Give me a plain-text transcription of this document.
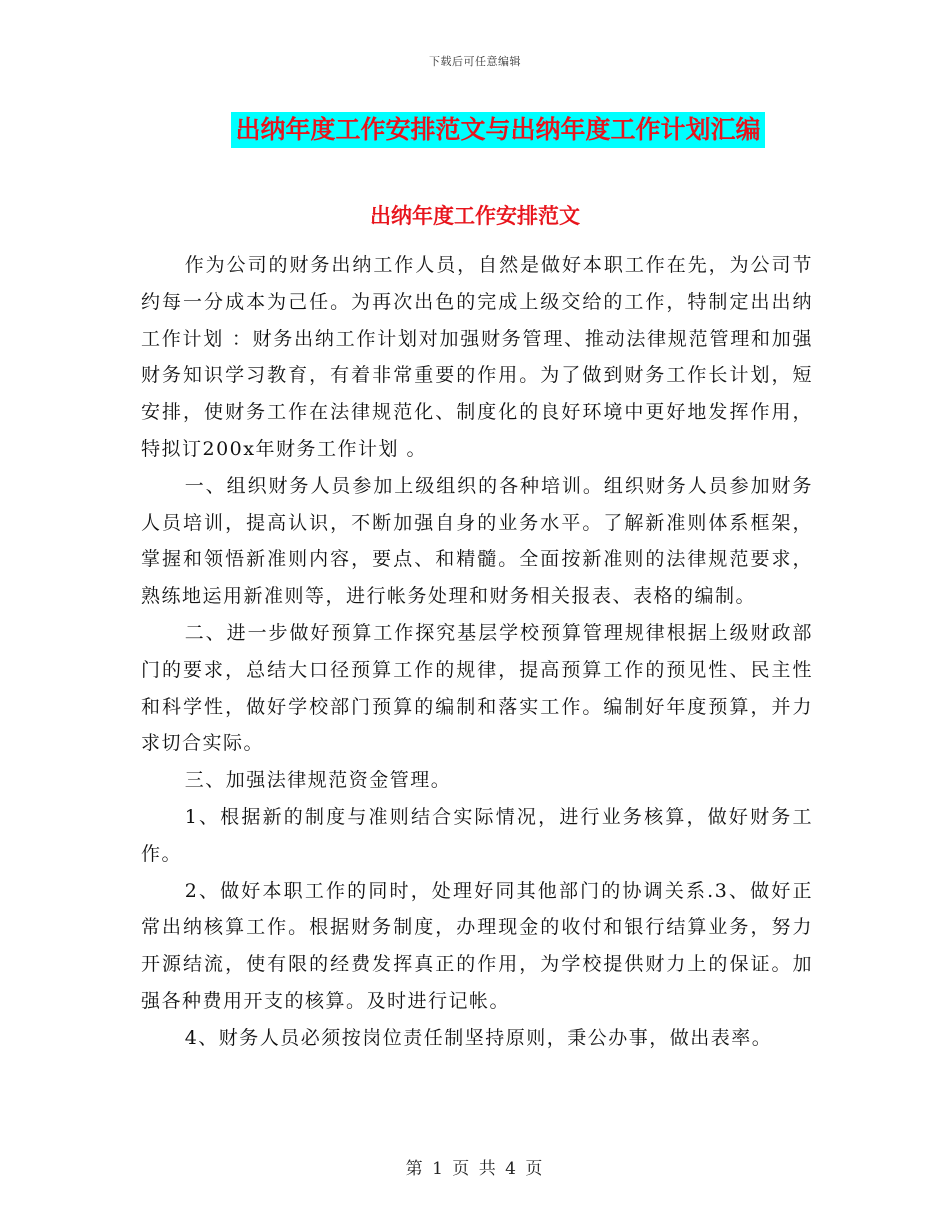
下载后可任意编辑
出纳年度工作安排范文与出纳年度工作计划汇编
出纳年度工作安排范文

作为公司的财务出纳工作人员，自然是做好本职工作在先，为公司节约每一分成本为己任。为再次出色的完成上级交给的工作，特制定出出纳工作计划 ：财务出纳工作计划对加强财务管理、推动法律规范管理和加强财务知识学习教育，有着非常重要的作用。为了做到财务工作长计划，短安排，使财务工作在法律规范化、制度化的良好环境中更好地发挥作用，特拟订200x年财务工作计划 。

一、组织财务人员参加上级组织的各种培训。组织财务人员参加财务人员培训，提高认识，不断加强自身的业务水平。了解新准则体系框架，掌握和领悟新准则内容，要点、和精髓。全面按新准则的法律规范要求，熟练地运用新准则等，进行帐务处理和财务相关报表、表格的编制。

二、进一步做好预算工作探究基层学校预算管理规律根据上级财政部门的要求，总结大口径预算工作的规律，提高预算工作的预见性、民主性和科学性，做好学校部门预算的编制和落实工作。编制好年度预算，并力求切合实际。

三、加强法律规范资金管理。

1、根据新的制度与准则结合实际情况，进行业务核算，做好财务工作。

2、做好本职工作的同时，处理好同其他部门的协调关系.3、做好正常出纳核算工作。根据财务制度，办理现金的收付和银行结算业务，努力开源结流，使有限的经费发挥真正的作用，为学校提供财力上的保证。加强各种费用开支的核算。及时进行记帐。

4、财务人员必须按岗位责任制坚持原则，秉公办事，做出表率。

第 1 页 共 4 页
